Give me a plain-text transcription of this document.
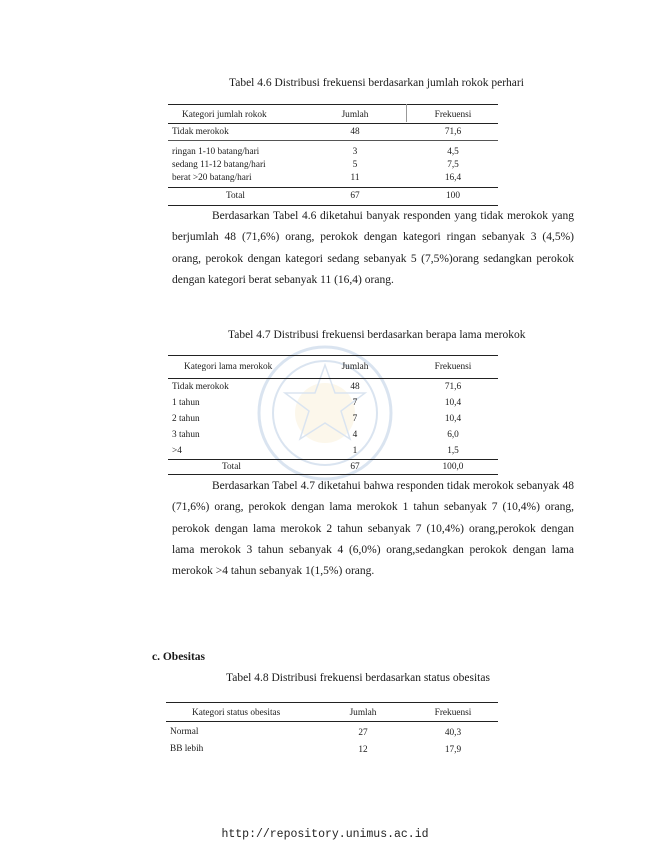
Tabel 4.6 Distribusi frekuensi berdasarkan jumlah rokok perhari
Kategori jumlah rokok	Jumlah	Frekuensi
Tidak merokok	48	71,6
ringan 1-10 batang/hari	3	4,5
sedang 11-12 batang/hari	5	7,5
berat >20 batang/hari	11	16,4
Total	67	100
Berdasarkan Tabel 4.6 diketahui banyak responden yang tidak merokok yang berjumlah 48 (71,6%) orang, perokok dengan kategori ringan sebanyak 3 (4,5%) orang, perokok dengan kategori sedang sebanyak 5 (7,5%)orang sedangkan perokok dengan kategori berat sebanyak 11 (16,4) orang.
Tabel 4.7 Distribusi frekuensi berdasarkan berapa lama merokok
Kategori lama merokok	Jumlah	Frekuensi
Tidak merokok	48	71,6
1 tahun	7	10,4
2 tahun	7	10,4
3 tahun	4	6,0
>4	1	1,5
Total	67	100,0
Berdasarkan Tabel 4.7 diketahui bahwa responden tidak merokok sebanyak 48 (71,6%) orang, perokok dengan lama merokok 1 tahun sebanyak 7 (10,4%) orang, perokok dengan lama merokok 2 tahun sebanyak 7 (10,4%) orang,perokok dengan lama merokok 3 tahun sebanyak 4 (6,0%) orang,sedangkan perokok dengan lama merokok >4 tahun sebanyak 1(1,5%) orang.
c. Obesitas
Tabel 4.8 Distribusi frekuensi berdasarkan status obesitas
Kategori status obesitas	Jumlah	Frekuensi
Normal	27	40,3
BB lebih	12	17,9
http://repository.unimus.ac.id
